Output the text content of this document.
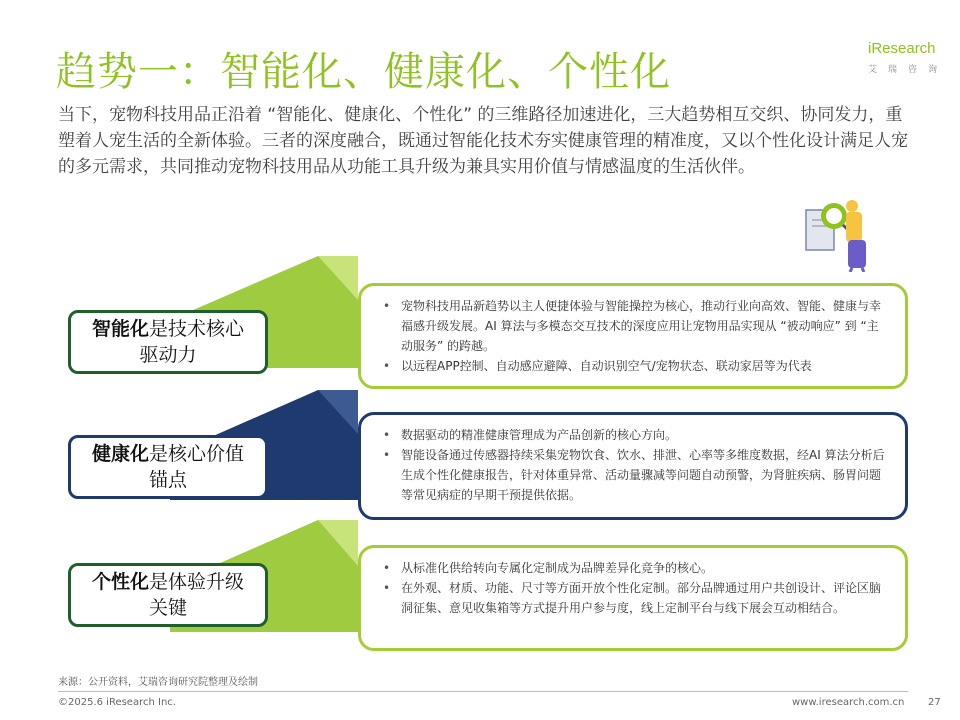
趋势一：智能化、健康化、个性化
iResearch
艾瑞咨询
当下，宠物科技用品正沿着 “智能化、健康化、个性化” 的三维路径加速进化，三大趋势相互交织、协同发力，重塑着人宠生活的全新体验。三者的深度融合，既通过智能化技术夯实健康管理的精准度，又以个性化设计满足人宠的多元需求，共同推动宠物科技用品从功能工具升级为兼具实用价值与情感温度的生活伙伴。
智能化是技术核心
驱动力
健康化是核心价值
锚点
个性化是体验升级
关键
• 宠物科技用品新趋势以主人便捷体验与智能操控为核心，推动行业向高效、智能、健康与幸福感升级发展。AI 算法与多模态交互技术的深度应用让宠物用品实现从 “被动响应” 到 “主动服务” 的跨越。
• 以远程APP控制、自动感应避障、自动识别空气/宠物状态、联动家居等为代表
• 数据驱动的精准健康管理成为产品创新的核心方向。
• 智能设备通过传感器持续采集宠物饮食、饮水、排泄、心率等多维度数据，经AI 算法分析后生成个性化健康报告，针对体重异常、活动量骤减等问题自动预警，为肾脏疾病、肠胃问题等常见病症的早期干预提供依据。
• 从标准化供给转向专属化定制成为品牌差异化竞争的核心。
• 在外观、材质、功能、尺寸等方面开放个性化定制。部分品牌通过用户共创设计、评论区脑洞征集、意见收集箱等方式提升用户参与度，线上定制平台与线下展会互动相结合。
来源：公开资料，艾瑞咨询研究院整理及绘制
©2025.6 iResearch Inc.	www.iresearch.com.cn 27
